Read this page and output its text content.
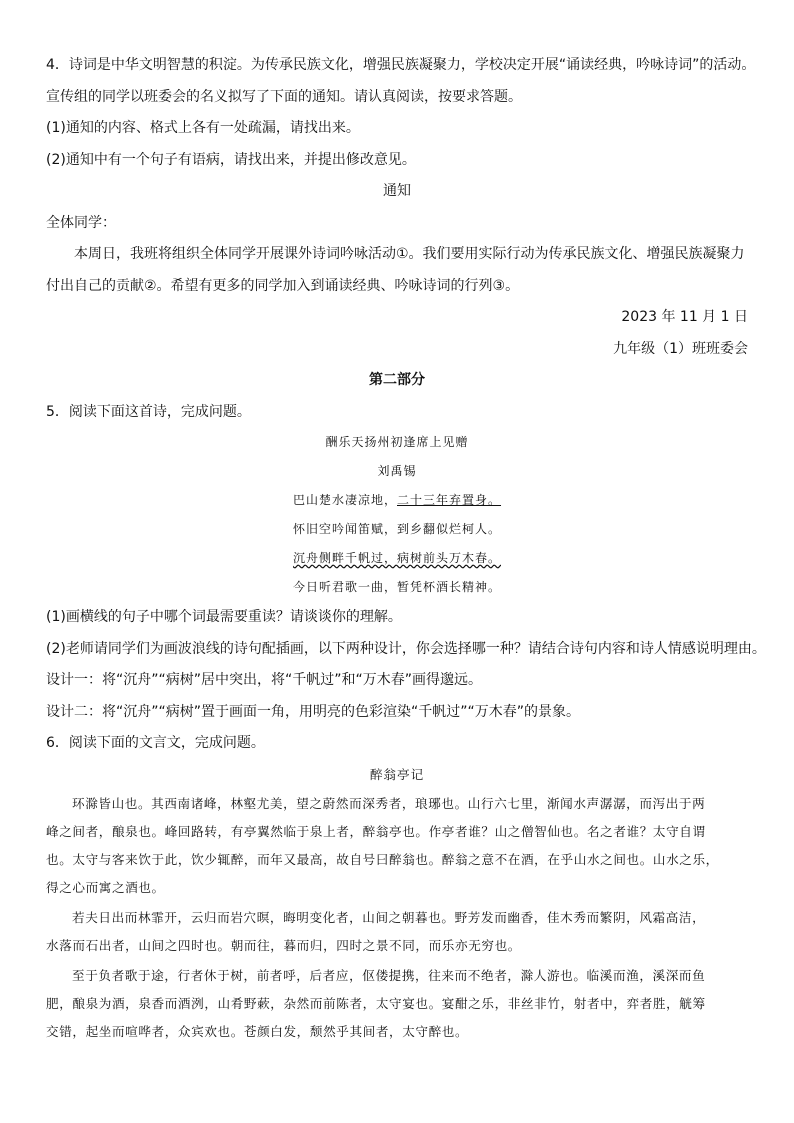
4．诗词是中华文明智慧的积淀。为传承民族文化，增强民族凝聚力，学校决定开展“诵读经典，吟咏诗词”的活动。
宣传组的同学以班委会的名义拟写了下面的通知。请认真阅读，按要求答题。
(1)通知的内容、格式上各有一处疏漏，请找出来。
(2)通知中有一个句子有语病，请找出来，并提出修改意见。
通知
全体同学：
本周日，我班将组织全体同学开展课外诗词吟咏活动①。我们要用实际行动为传承民族文化、增强民族凝聚力
付出自己的贡献②。希望有更多的同学加入到诵读经典、吟咏诗词的行列③。
2023 年 11 月 1 日
九年级（1）班班委会
第二部分
5．阅读下面这首诗，完成问题。
酬乐天扬州初逢席上见赠
刘禹锡
巴山楚水凄凉地，二十三年弃置身。
怀旧空吟闻笛赋，到乡翻似烂柯人。
沉舟侧畔千帆过，病树前头万木春。
今日听君歌一曲，暂凭杯酒长精神。
(1)画横线的句子中哪个词最需要重读？请谈谈你的理解。
(2)老师请同学们为画波浪线的诗句配插画，以下两种设计，你会选择哪一种？请结合诗句内容和诗人情感说明理由。
设计一：将“沉舟”“病树”居中突出，将“千帆过”和“万木春”画得邈远。
设计二：将“沉舟”“病树”置于画面一角，用明亮的色彩渲染“千帆过”“万木春”的景象。
6．阅读下面的文言文，完成问题。
醉翁亭记

环滁皆山也。其西南诸峰，林壑尤美，望之蔚然而深秀者，琅琊也。山行六七里，渐闻水声潺潺，而泻出于两
峰之间者，酿泉也。峰回路转，有亭翼然临于泉上者，醉翁亭也。作亭者谁？山之僧智仙也。名之者谁？太守自谓
也。太守与客来饮于此，饮少辄醉，而年又最高，故自号曰醉翁也。醉翁之意不在酒，在乎山水之间也。山水之乐，
得之心而寓之酒也。

若夫日出而林霏开，云归而岩穴暝，晦明变化者，山间之朝暮也。野芳发而幽香，佳木秀而繁阴，风霜高洁，
水落而石出者，山间之四时也。朝而往，暮而归，四时之景不同，而乐亦无穷也。

至于负者歌于途，行者休于树，前者呼，后者应，伛偻提携，往来而不绝者，滁人游也。临溪而渔，溪深而鱼
肥，酿泉为酒，泉香而酒洌，山肴野蔌，杂然而前陈者，太守宴也。宴酣之乐，非丝非竹，射者中，弈者胜，觥筹
交错，起坐而喧哗者，众宾欢也。苍颜白发，颓然乎其间者，太守醉也。
